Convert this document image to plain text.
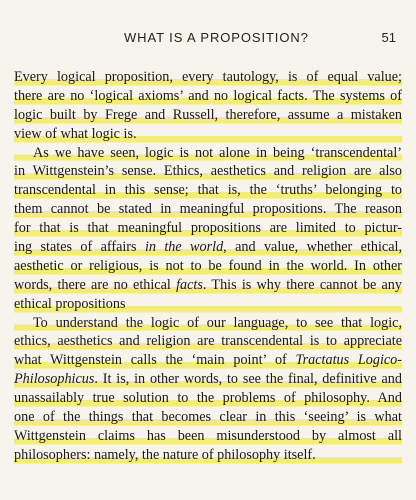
WHAT IS A PROPOSITION?	51
Every logical proposition, every tautology, is of equal value;
there are no ‘logical axioms’ and no logical facts. The systems of
logic built by Frege and Russell, therefore, assume a mistaken
view of what logic is.
As we have seen, logic is not alone in being ‘transcendental’
in Wittgenstein’s sense. Ethics, aesthetics and religion are also
transcendental in this sense; that is, the ‘truths’ belonging to
them cannot be stated in meaningful propositions. The reason
for that is that meaningful propositions are limited to pictur-
ing states of affairs in the world, and value, whether ethical,
aesthetic or religious, is not to be found in the world. In other
words, there are no ethical facts. This is why there cannot be any
ethical propositions
To understand the logic of our language, to see that logic,
ethics, aesthetics and religion are transcendental is to appreciate
what Wittgenstein calls the ‘main point’ of Tractatus Logico-
Philosophicus. It is, in other words, to see the final, definitive and
unassailably true solution to the problems of philosophy. And
one of the things that becomes clear in this ‘seeing’ is what
Wittgenstein claims has been misunderstood by almost all
philosophers: namely, the nature of philosophy itself.
